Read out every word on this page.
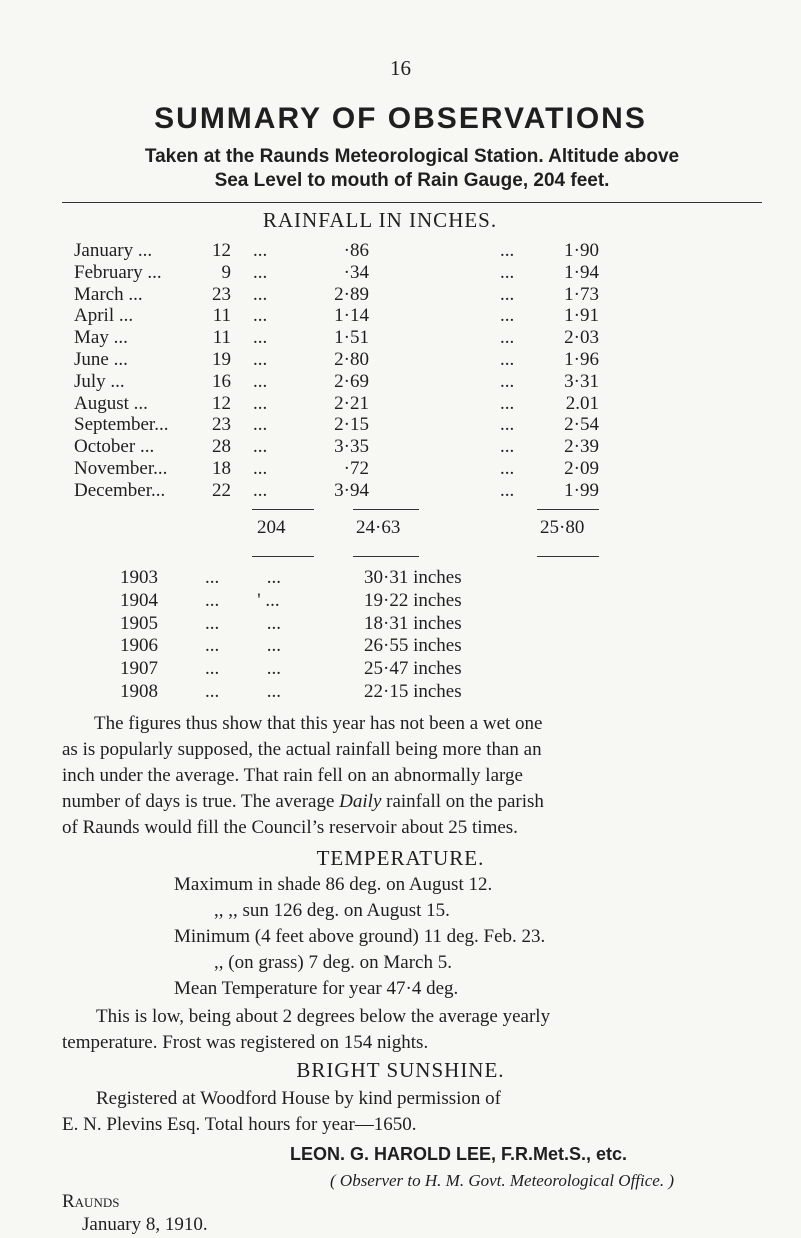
16
SUMMARY OF OBSERVATIONS
Taken at the Raunds Meteorological Station. Altitude above
Sea Level to mouth of Rain Gauge, 204 feet.
RAINFALL IN INCHES.
January ...	12 ...	·86	...	1·90
February ...	9 ...	·34	...	1·94
March ...	23 ...	2·89	...	1·73
April ...	11 ...	1·14	...	1·91
May ...	11 ...	1·51	...	2·03
June ...	19 ...	2·80	...	1·96
July ...	16 ...	2·69	...	3·31
August ...	12 ...	2·21	...	2.01
September... 23 ...	2·15	...	2·54
October ...	28 ...	3·35	...	2·39
November... 18 ...	·72	...	2·09
December... 22 ...	3·94	...	1·99
204	24·63	25·80
1903 ...          ...	30·31 inches
1904 ...        ' ...	19·22 inches
1905 ...          ...	18·31 inches
1906 ...          ...	26·55 inches
1907 ...          ...	25·47 inches
1908 ...          ...	22·15 inches
The figures thus show that this year has not been a wet one
as is popularly supposed, the actual rainfall being more than an
inch under the average. That rain fell on an abnormally large
number of days is true. The average Daily rainfall on the parish
of Raunds would fill the Council’s reservoir about 25 times.
TEMPERATURE.
Maximum in shade 86 deg. on August 12.
,, ,, sun 126 deg. on August 15.
Minimum (4 feet above ground) 11 deg. Feb. 23.
,, (on grass) 7 deg. on March 5.
Mean Temperature for year 47·4 deg.
This is low, being about 2 degrees below the average yearly
temperature. Frost was registered on 154 nights.
BRIGHT SUNSHINE.
Registered at Woodford House by kind permission of
E. N. Plevins Esq. Total hours for year—1650.
LEON. G. HAROLD LEE, F.R.Met.S., etc.
( Observer to H. M. Govt. Meteorological Office. )
Raunds
January 8, 1910.
